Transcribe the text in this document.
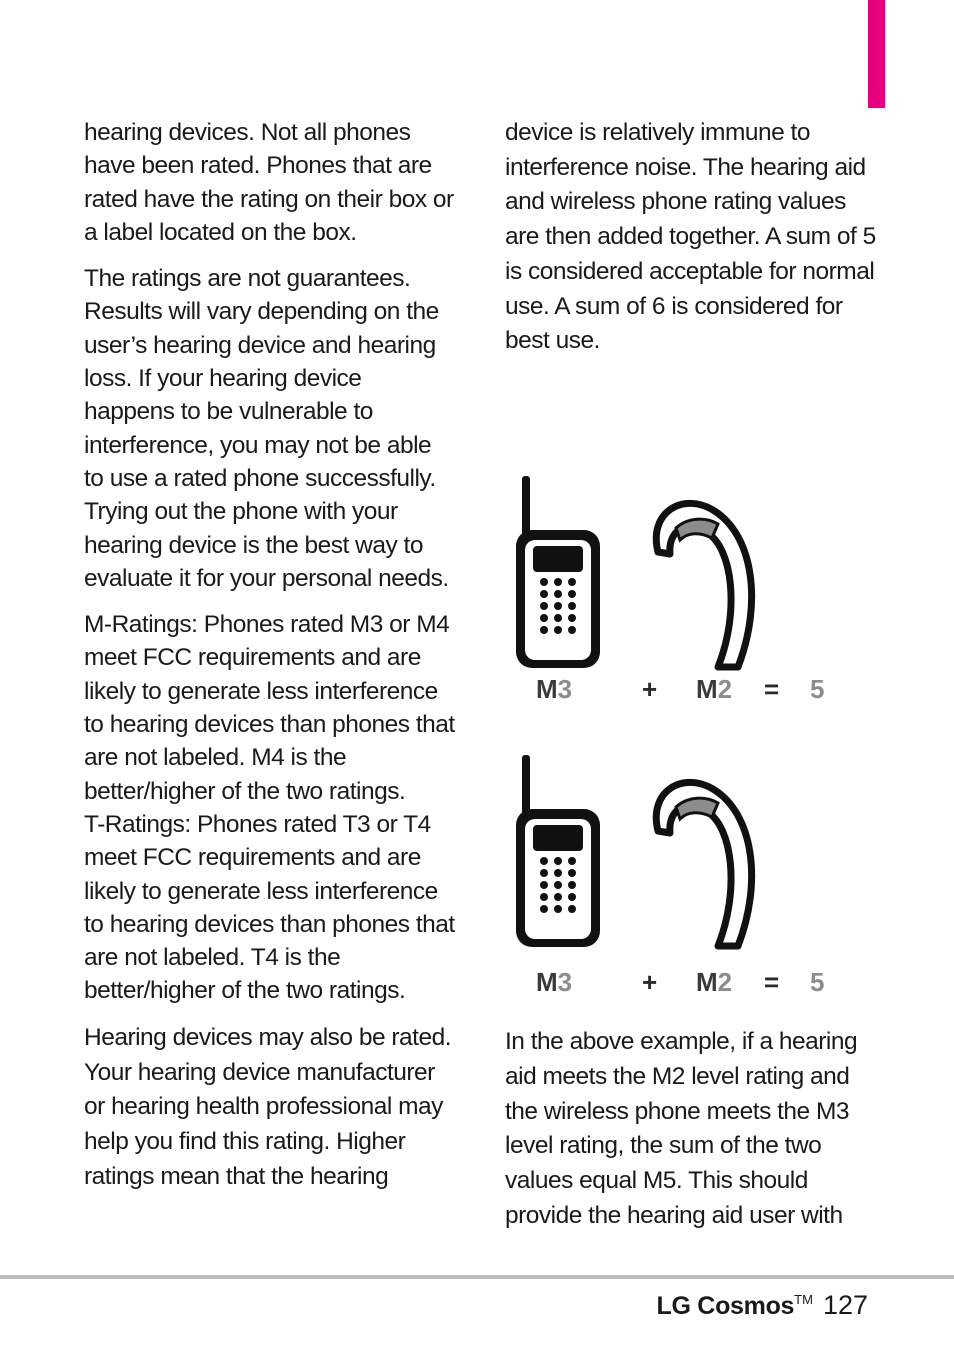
hearing devices. Not all phones have been rated. Phones that are rated have the rating on their box or a label located on the box.

The ratings are not guarantees. Results will vary depending on the user’s hearing device and hearing loss. If your hearing device happens to be vulnerable to interference, you may not be able to use a rated phone successfully. Trying out the phone with your hearing device is the best way to evaluate it for your personal needs.

M-Ratings: Phones rated M3 or M4 meet FCC requirements and are likely to generate less interference to hearing devices than phones that are not labeled. M4 is the better/higher of the two ratings.

T-Ratings: Phones rated T3 or T4 meet FCC requirements and are likely to generate less interference to hearing devices than phones that are not labeled. T4 is the better/higher of the two ratings.

Hearing devices may also be rated. Your hearing device manufacturer or hearing health professional may help you find this rating. Higher ratings mean that the hearing

device is relatively immune to interference noise. The hearing aid and wireless phone rating values are then added together. A sum of 5 is considered acceptable for normal use. A sum of 6 is considered for best use.

M3	+ M2 = 5
M3	+ M2 = 5

In the above example, if a hearing aid meets the M2 level rating and the wireless phone meets the M3 level rating, the sum of the two values equal M5. This should provide the hearing aid user with

LG Cosmos™ 127
